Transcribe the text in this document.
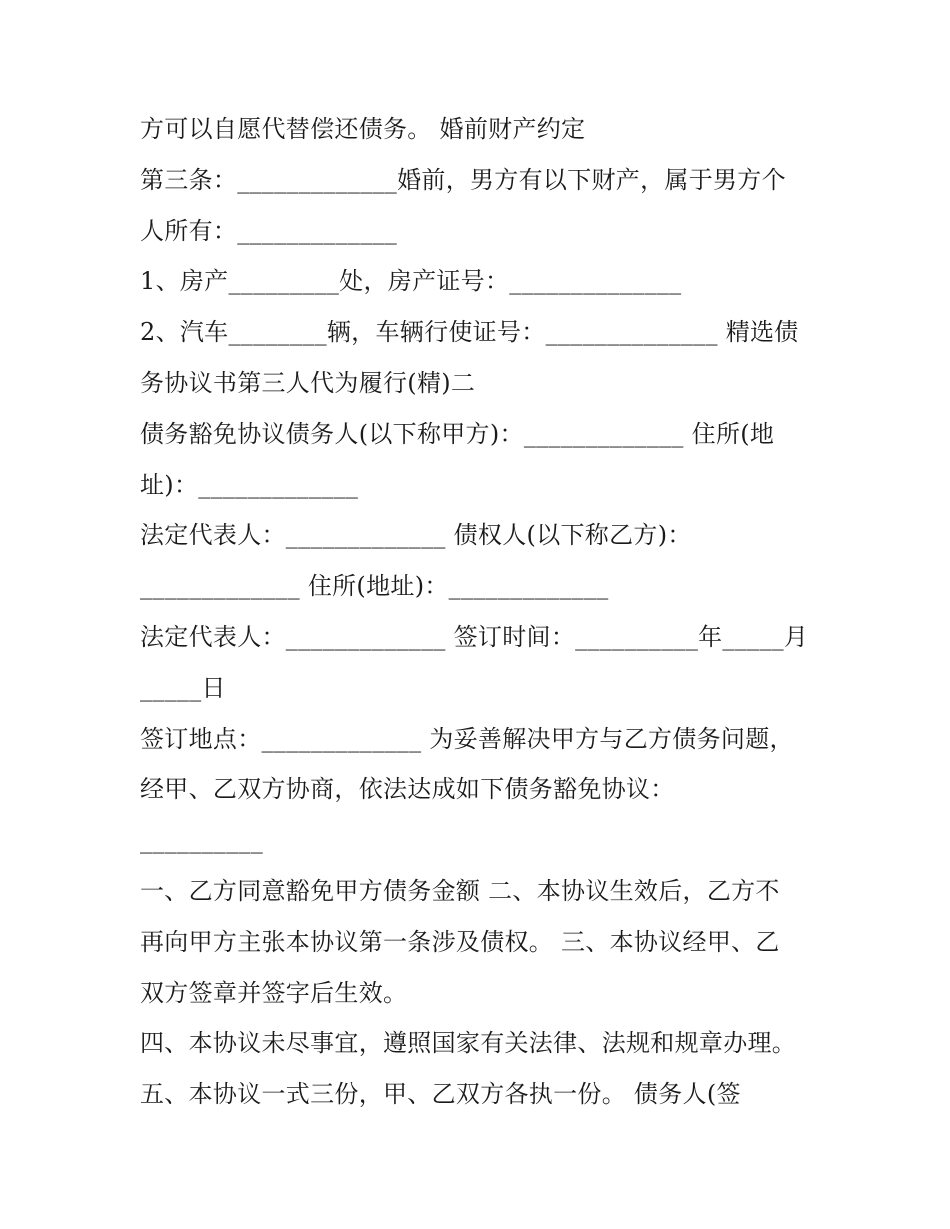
方可以自愿代替偿还债务。 婚前财产约定
第三条：_____________婚前，男方有以下财产，属于男方个
人所有：_____________
1、房产_________处，房产证号：______________
2、汽车________辆，车辆行使证号：______________ 精选债
务协议书第三人代为履行(精)二
债务豁免协议债务人(以下称甲方)：_____________ 住所(地
址)：_____________
法定代表人：_____________ 债权人(以下称乙方)：
_____________ 住所(地址)：_____________
法定代表人：_____________ 签订时间：__________年_____月
_____日
签订地点：_____________ 为妥善解决甲方与乙方债务问题，
经甲、乙双方协商，依法达成如下债务豁免协议：
__________
一、乙方同意豁免甲方债务金额 二、本协议生效后，乙方不
再向甲方主张本协议第一条涉及债权。 三、本协议经甲、乙
双方签章并签字后生效。
四、本协议未尽事宜，遵照国家有关法律、法规和规章办理。
五、本协议一式三份，甲、乙双方各执一份。 债务人(签
